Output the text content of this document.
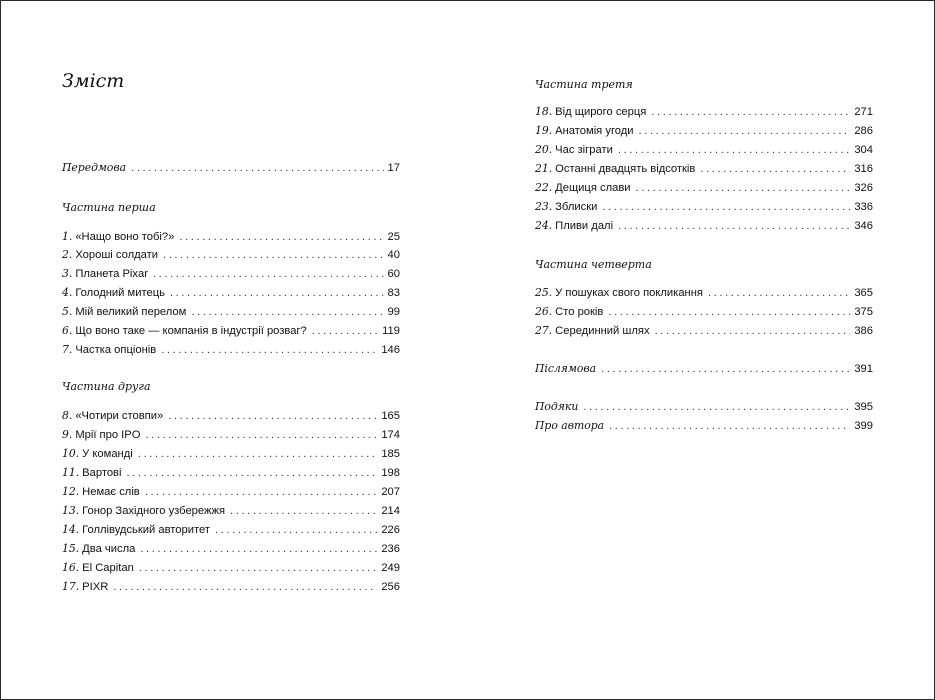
Зміст
Передмова .....	17
Частина перша
1. «Нащо воно тобі?» .....	25
2. Хороші солдати .....	40
3. Планета Pixar .....	60
4. Голодний митець .....	83
5. Мій великий перелом .....	99
6. Що воно таке — компанія в індустрії розваг? .....	119
7. Частка опціонів .....	146
Частина друга
8. «Чотири стовпи» .....	165
9. Мрії про IPO .....	174
10. У команді .....	185
11. Вартові .....	198
12. Немає слів .....	207
13. Гонор Західного узбережжя .....	214
14. Голлівудський авторитет .....	226
15. Два числа .....	236
16. El Capitan .....	249
17. PIXR .....	256
Частина третя
18. Від щирого серця .....	271
19. Анатомія угоди .....	286
20. Час зіграти .....	304
21. Останні двадцять відсотків .....	316
22. Дещиця слави .....	326
23. Зблиски .....	336
24. Пливи далі .....	346
Частина четверта
25. У пошуках свого покликання .....	365
26. Сто років .....	375
27. Серединний шлях .....	386
Післямова .....	391
Подяки .....	395
Про автора .....	399
